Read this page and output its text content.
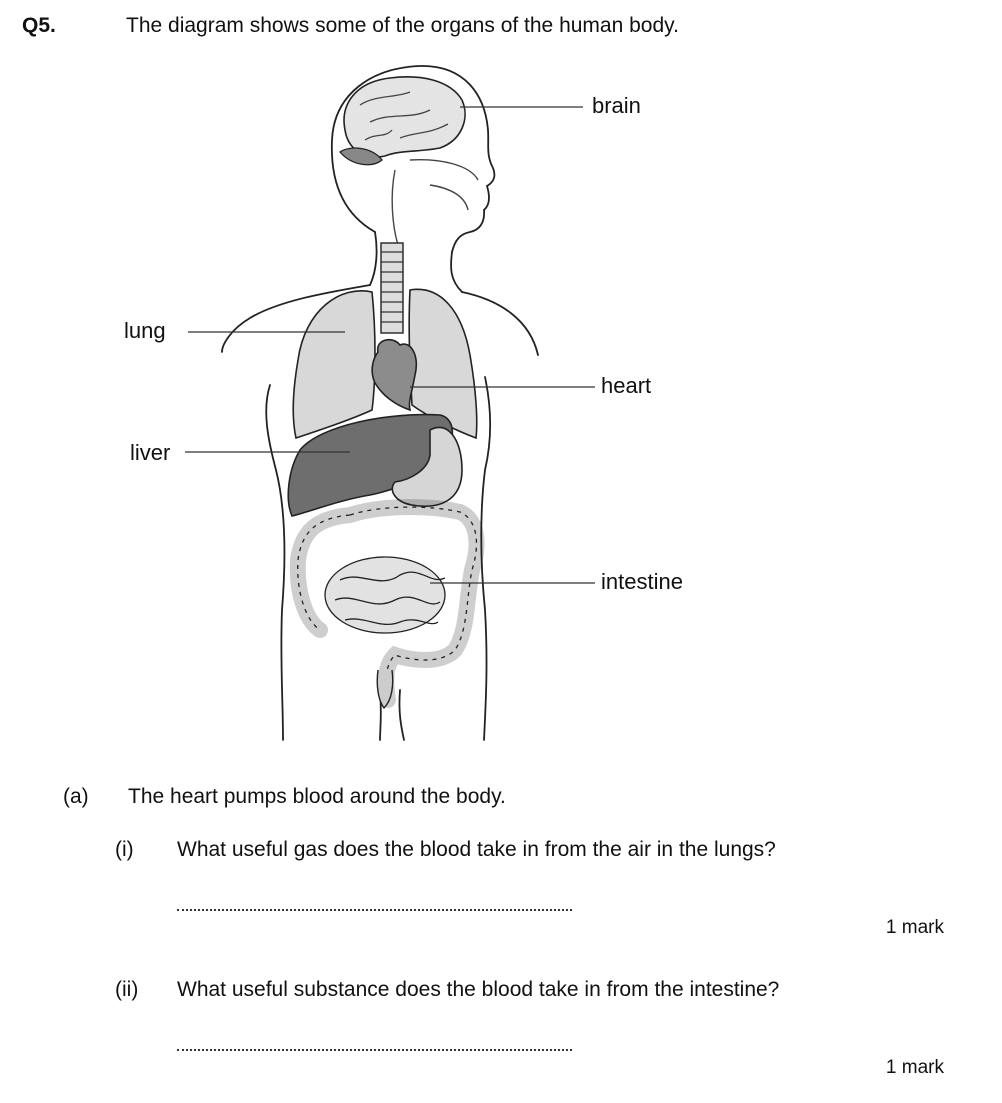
Q5.	The diagram shows some of the organs of the human body.
brain
lung
heart
liver
intestine
(a) The heart pumps blood around the body.
(i) What useful gas does the blood take in from the air in the lungs?
1 mark
(ii) What useful substance does the blood take in from the intestine?
1 mark
